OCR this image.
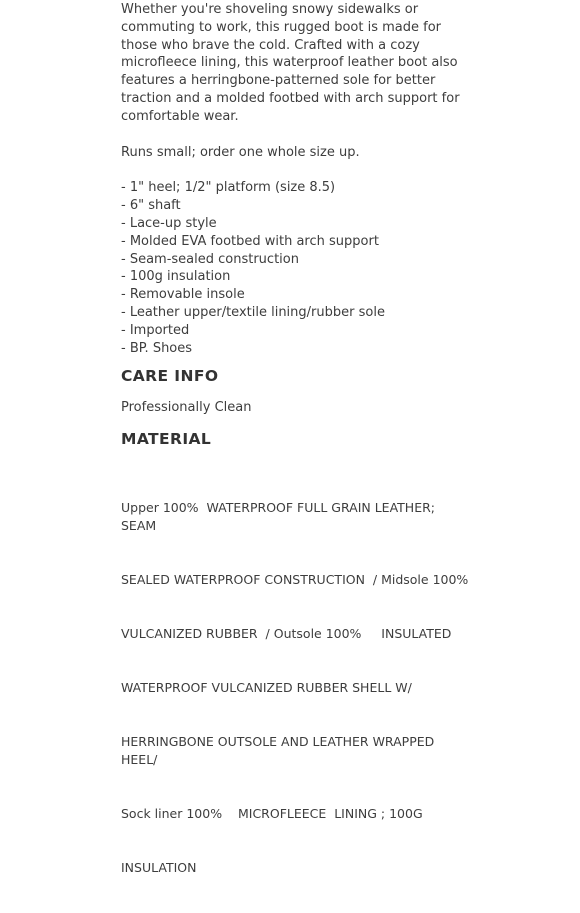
Whether you're shoveling snowy sidewalks or commuting to work, this rugged boot is made for those who brave the cold. Crafted with a cozy microfleece lining, this waterproof leather boot also features a herringbone-patterned sole for better traction and a molded footbed with arch support for comfortable wear.

Runs small; order one whole size up.

- 1" heel; 1/2" platform (size 8.5)
- 6" shaft
- Lace-up style
- Molded EVA footbed with arch support
- Seam-sealed construction
- 100g insulation
- Removable insole
- Leather upper/textile lining/rubber sole
- Imported
- BP. Shoes
CARE INFO

Professionally Clean

MATERIAL

Upper 100%  WATERPROOF FULL GRAIN LEATHER; SEAM

SEALED WATERPROOF CONSTRUCTION  / Midsole 100%

VULCANIZED RUBBER  / Outsole 100%     INSULATED

WATERPROOF VULCANIZED RUBBER SHELL W/

HERRINGBONE OUTSOLE AND LEATHER WRAPPED HEEL/

Sock liner 100%    MICROFLEECE  LINING ; 100G

INSULATION
